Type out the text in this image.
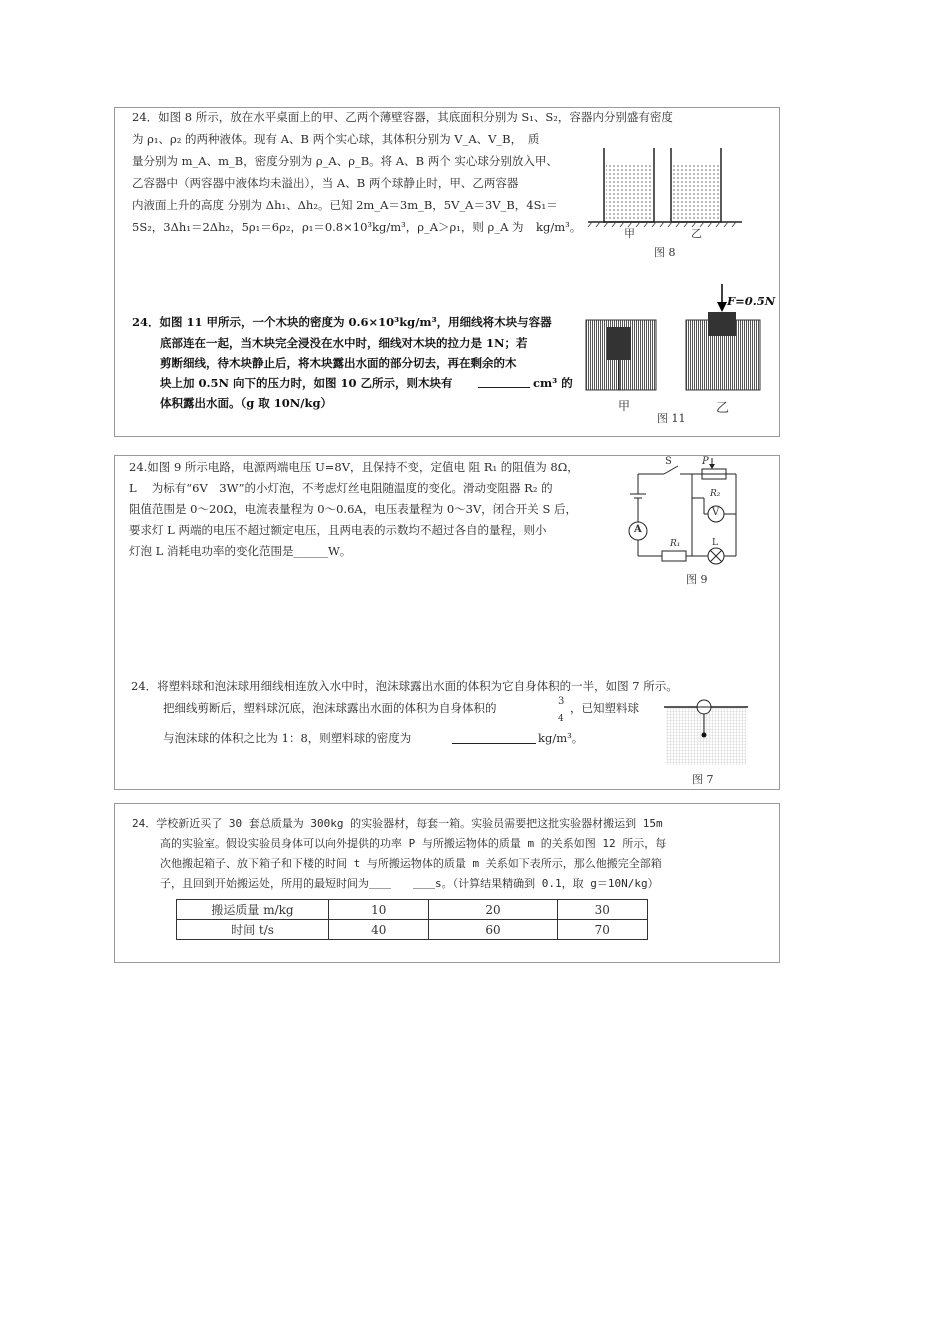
24．如图 8 所示，放在水平桌面上的甲、乙两个薄壁容器，其底面积分别为 S₁、S₂，容器内分别盛有密度
为 ρ₁、ρ₂ 的两种液体。现有 A、B 两个实心球，其体积分别为 V_A、V_B，　质
量分别为 m_A、m_B，密度分别为 ρ_A、ρ_B。将 A、B 两个 实心球分别放入甲、
乙容器中（两容器中液体均未溢出），当 A、B 两个球静止时，甲、乙两容器
内液面上升的高度 分别为 Δh₁、Δh₂。已知 2m_A＝3m_B，5V_A＝3V_B，4S₁＝
5S₂，3Δh₁＝2Δh₂，5ρ₁＝6ρ₂，ρ₁＝0.8×10³kg/m³，ρ_A＞ρ₁，则 ρ_A 为 kg/m³。	甲	乙
图 8
24．如图 11 甲所示，一个木块的密度为 0.6×10³kg/m³，用细线将木块与容器
底部连在一起，当木块完全浸没在水中时，细线对木块的拉力是 1N；若
剪断细线，待木块静止后，将木块露出水面的部分切去，再在剩余的木
块上加 0.5N 向下的压力时，如图 10 乙所示，则木块有	cm³ 的
体积露出水面。（g 取 10N/kg）
F=0.5N
甲
图 11
乙
24.如图 9 所示电路，电源两端电压 U=8V，且保持不变，定值电 阻 R₁ 的阻值为 8Ω，
L　 为标有“6V　3W”的小灯泡，不考虑灯丝电阻随温度的变化。滑动变阻器 R₂ 的
阻值范围是 0～20Ω，电流表量程为 0～0.6A，电压表量程为 0～3V，闭合开关 S 后，
要求灯 L 两端的电压不超过额定电压，且两电表的示数均不超过各自的量程，则小
灯泡 L 消耗电功率的变化范围是______W。
S	P
R₂
V
A
R₁	L
图 9
24．将塑料球和泡沫球用细线相连放入水中时，泡沫球露出水面的体积为它自身体积的一半，如图 7 所示。
把细线剪断后，塑料球沉底，泡沫球露出水面的体积为自身体积的	3
4
，已知塑料球
与泡沫球的体积之比为 1：8，则塑料球的密度为	kg/m³。
图 7
24．学校新近买了 30 套总质量为 300kg 的实验器材，每套一箱。实验员需要把这批实验器材搬运到 15m
高的实验室。假设实验员身体可以向外提供的功率 P 与所搬运物体的质量 m 的关系如图 12 所示，每
次他搬起箱子、放下箱子和下楼的时间 t 与所搬运物体的质量 m 关系如下表所示，那么他搬完全部箱
子，且回到开始搬运处，所用的最短时间为＿＿　　＿＿s。（计算结果精确到 0.1，取 g＝10N/kg）
搬运质量 m/kg	10	20	30
时间 t/s	40	60	70
